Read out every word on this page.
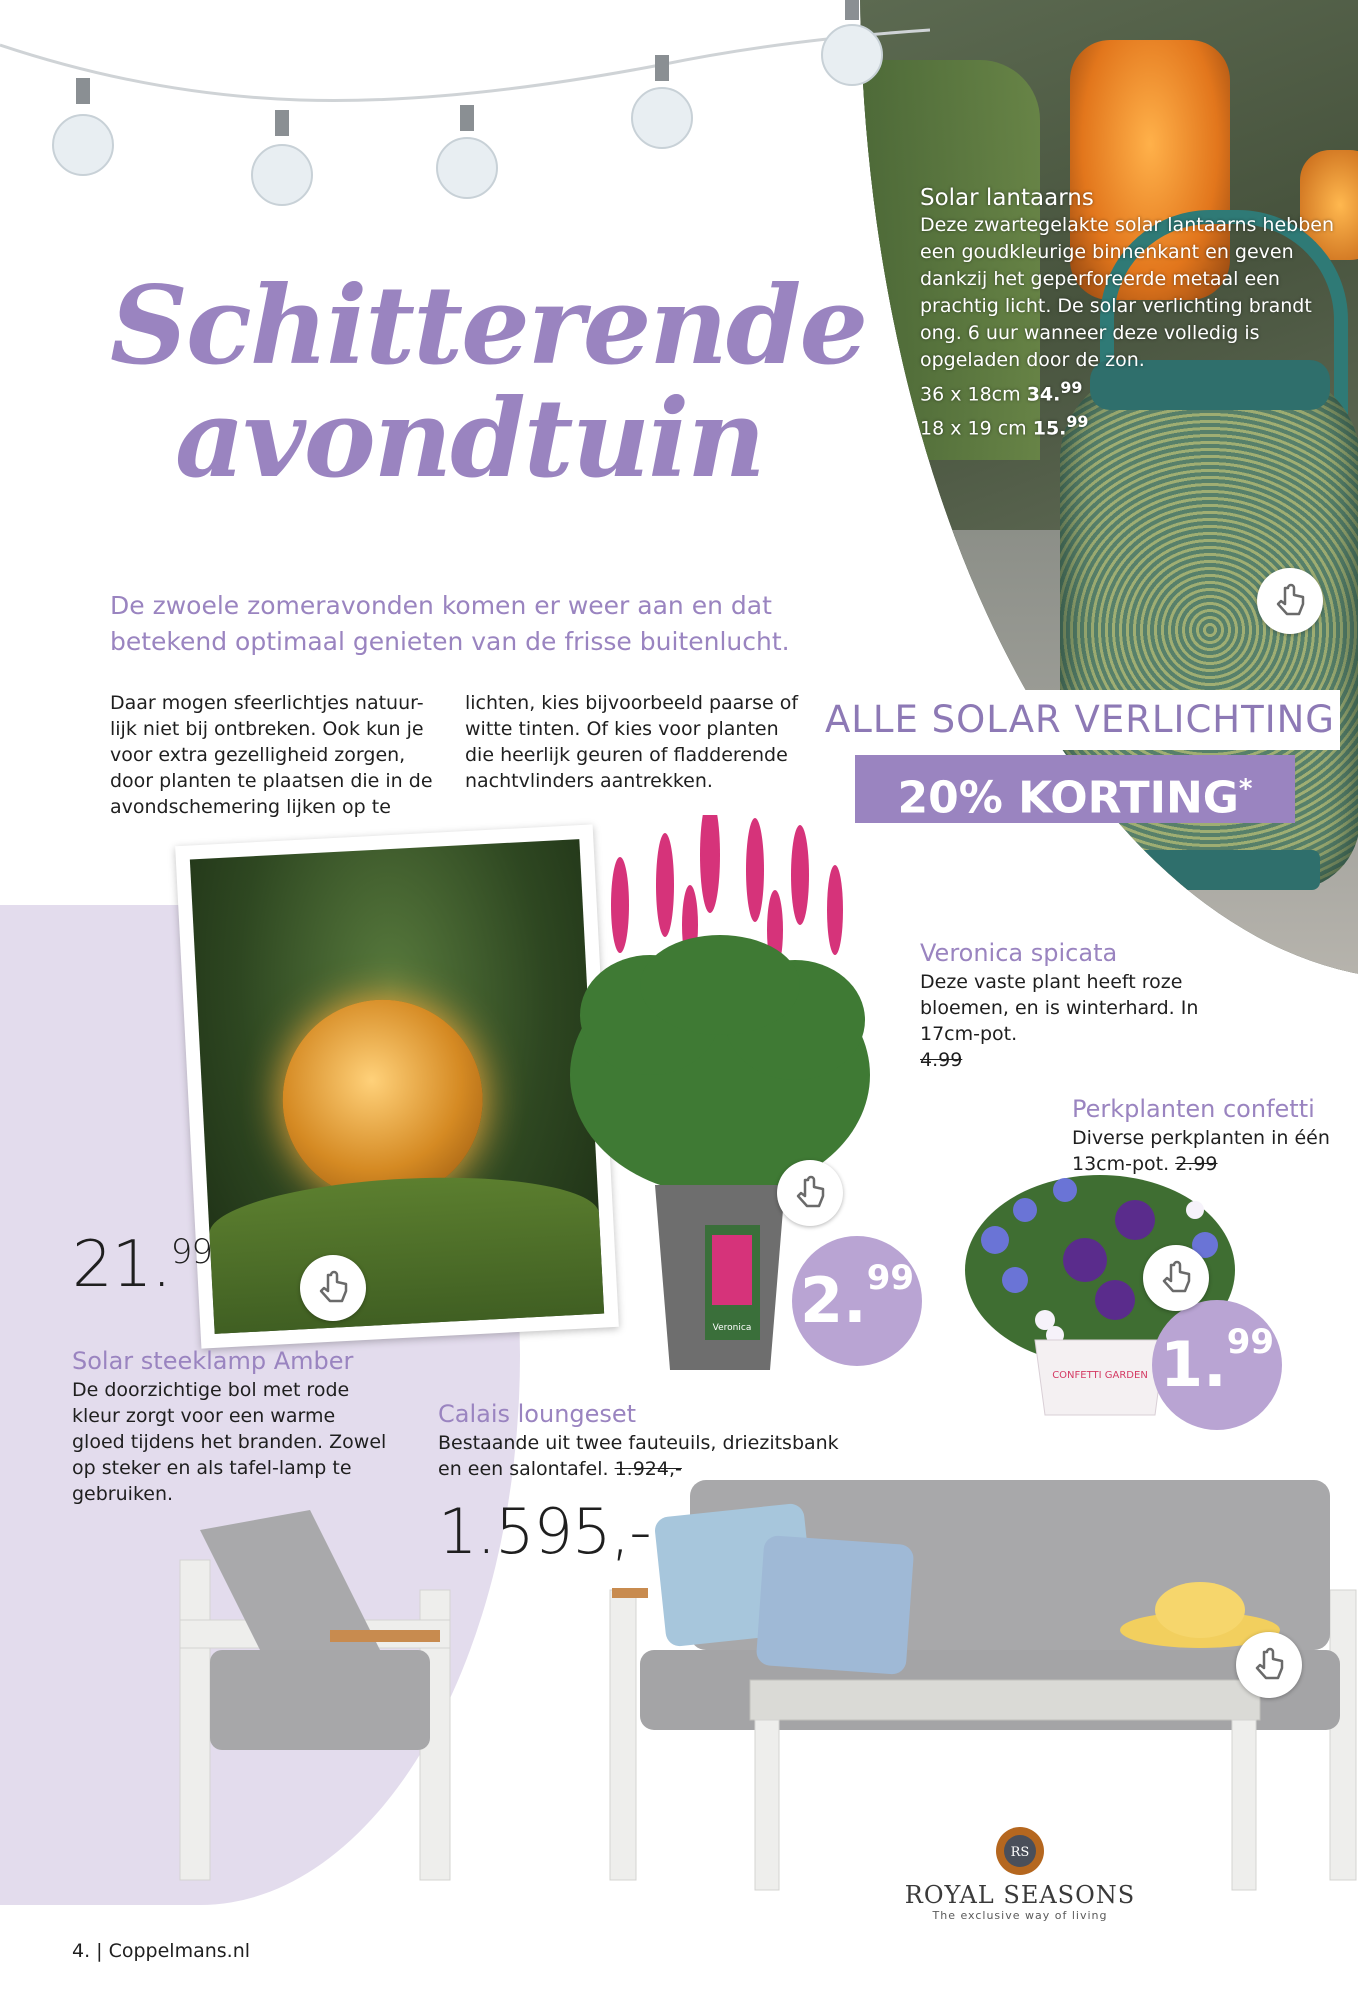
Schitterende
avondtuin
De zwoele zomeravonden komen er weer aan en dat betekend optimaal genieten van de frisse buitenlucht.
Daar mogen sfeerlichtjes natuur-lijk niet bij ontbreken. Ook kun je voor extra gezelligheid zorgen, door planten te plaatsen die in de avondschemering lijken op te
lichten, kies bijvoorbeeld paarse of witte tinten. Of kies voor planten die heerlijk geuren of fladderende nachtvlinders aantrekken.
Solar lantaarns
Deze zwartegelakte solar lantaarns hebben een goudkleurige binnenkant en geven dankzij het geperforeerde metaal een prachtig licht. De solar verlichting brandt ong. 6 uur wanneer deze volledig is opgeladen door de zon.
36 x 18cm 34.99
18 x 19 cm 15.99
ALLE SOLAR VERLICHTING
20% KORTING*
21.99
Solar steeklamp Amber
De doorzichtige bol met rode kleur zorgt voor een warme gloed tijdens het branden. Zowel op steker en als tafel-lamp te gebruiken.
Veronica
Veronica spicata
Deze vaste plant heeft roze bloemen, en is winterhard. In 17cm-pot.
4.99
CONFETTI GARDEN
Perkplanten confetti
Diverse perkplanten in één 13cm-pot. 2.99
2.99
1.99
Calais loungeset
Bestaande uit twee fauteuils, driezitsbank en een salontafel. 1.924,-
1.595,-
RS
ROYAL SEASONS
The exclusive way of living
4. | Coppelmans.nl
